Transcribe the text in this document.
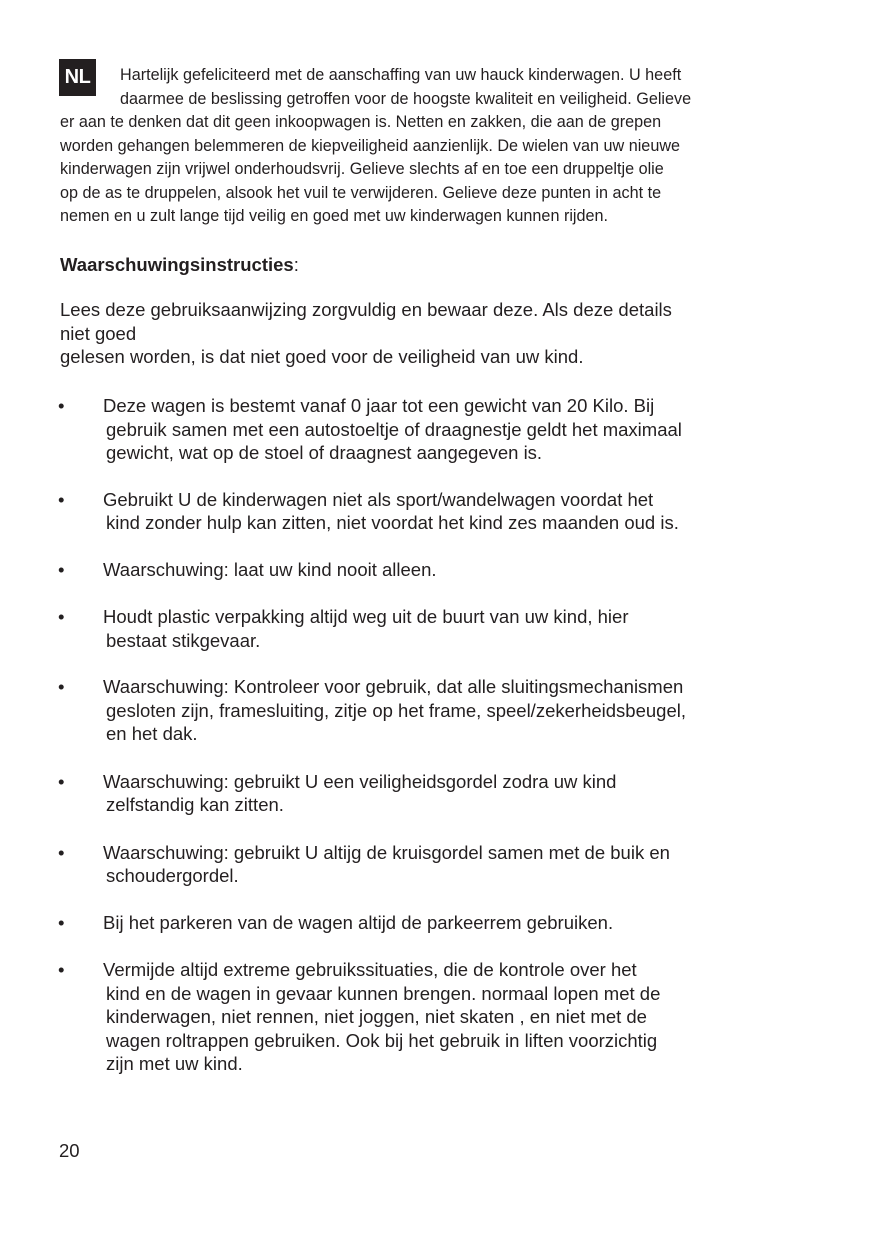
NL	Hartelijk gefeliciteerd met de aanschaffing van uw hauck kinderwagen. U heeft
daarmee de beslissing getroffen voor de hoogste kwaliteit en veiligheid. Gelieve
er aan te denken dat dit geen inkoopwagen is. Netten en zakken, die aan de grepen
worden gehangen belemmeren de kiepveiligheid aanzienlijk. De wielen van uw nieuwe
kinderwagen zijn vrijwel onderhoudsvrij. Gelieve slechts af en toe een druppeltje olie
op de as te druppelen, alsook het vuil te verwijderen. Gelieve deze punten in acht te
nemen en u zult lange tijd veilig en goed met uw kinderwagen kunnen rijden.
Waarschuwingsinstructies:
Lees deze gebruiksaanwijzing zorgvuldig en bewaar deze. Als deze details
niet goed
gelesen worden, is dat niet goed voor de veiligheid van uw kind.
•	Deze wagen is bestemt vanaf 0 jaar tot een gewicht van 20 Kilo. Bij
gebruik samen met een autostoeltje of draagnestje geldt het maximaal
gewicht, wat op de stoel of draagnest aangegeven is.
•	Gebruikt U de kinderwagen niet als sport/wandelwagen voordat het
kind zonder hulp kan zitten, niet voordat het kind zes maanden oud is.
•	Waarschuwing: laat uw kind nooit alleen.
•	Houdt plastic verpakking altijd weg uit de buurt van uw kind, hier
bestaat stikgevaar.
•	Waarschuwing: Kontroleer voor gebruik, dat alle sluitingsmechanismen
gesloten zijn, framesluiting, zitje op het frame, speel/zekerheidsbeugel,
en het dak.
•	Waarschuwing: gebruikt U een veiligheidsgordel zodra uw kind
zelfstandig kan zitten.
•	Waarschuwing: gebruikt U altijg de kruisgordel samen met de buik en
schoudergordel.
•	Bij het parkeren van de wagen altijd de parkeerrem gebruiken.
•	Vermijde altijd extreme gebruikssituaties, die de kontrole over het
kind en de wagen in gevaar kunnen brengen. normaal lopen met de
kinderwagen, niet rennen, niet joggen, niet skaten , en niet met de
wagen roltrappen gebruiken. Ook bij het gebruik in liften voorzichtig
zijn met uw kind.
20
